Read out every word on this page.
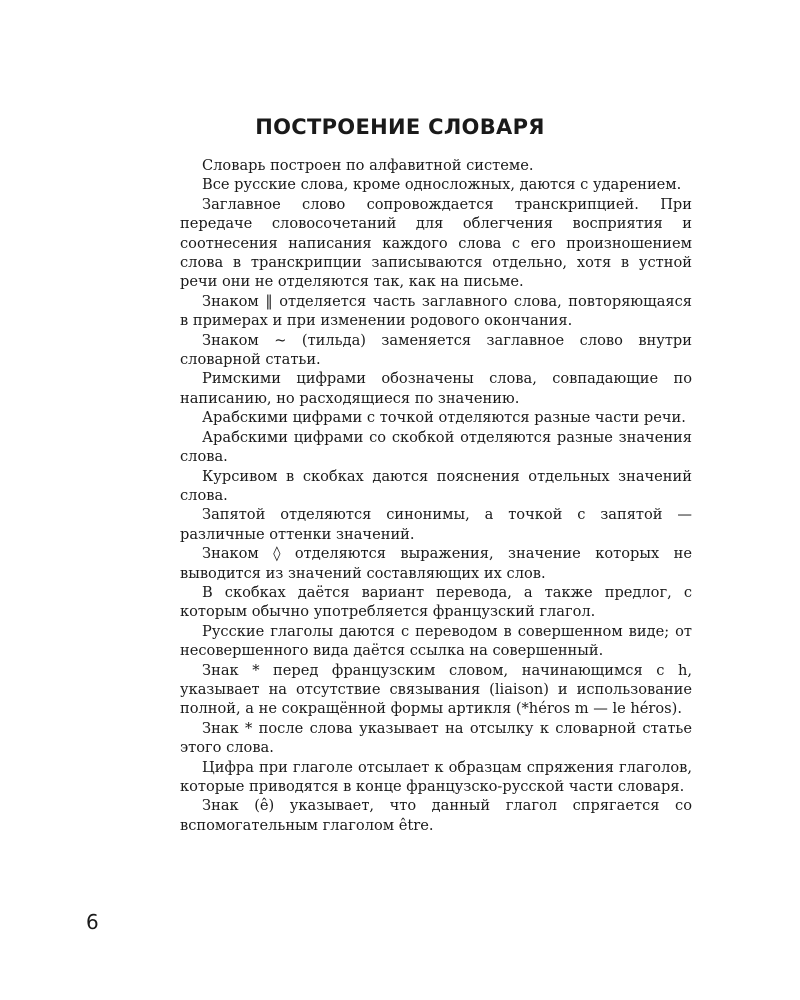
ПОСТРОЕНИЕ СЛОВАРЯ

Словарь построен по алфавитной системе.

Все русские слова, кроме односложных, даются с ударением.

Заглавное слово сопровождается транскрипцией. При передаче словосочетаний для облегчения восприятия и соотнесения написания каждого слова с его произношением слова в транскрипции записываются отдельно, хотя в устной речи они не отделяются так, как на письме.

Знаком ‖ отделяется часть заглавного слова, повторяющаяся в примерах и при изменении родового окончания.

Знаком ~ (тильда) заменяется заглавное слово внутри словарной статьи.

Римскими цифрами обозначены слова, совпадающие по написанию, но расходящиеся по значению.

Арабскими цифрами с точкой отделяются разные части речи.

Арабскими цифрами со скобкой отделяются разные значения слова.

Курсивом в скобках даются пояснения отдельных значений слова.

Запятой отделяются синонимы, а точкой с запятой — различные оттенки значений.

Знаком ◊ отделяются выражения, значение которых не выводится из значений составляющих их слов.

В скобках даётся вариант перевода, а также предлог, с которым обычно употребляется французский глагол.

Русские глаголы даются с переводом в совершенном виде; от несовершенного вида даётся ссылка на совершенный.

Знак * перед французским словом, начинающимся с h, указывает на отсутствие связывания (liaison) и использование полной, а не сокращённой формы артикля (*héros m — le héros).

Знак * после слова указывает на отсылку к словарной статье этого слова.

Цифра при глаголе отсылает к образцам спряжения глаголов, которые приводятся в конце французско-русской части словаря.

Знак (ê) указывает, что данный глагол спрягается со вспомогательным глаголом être.

6
